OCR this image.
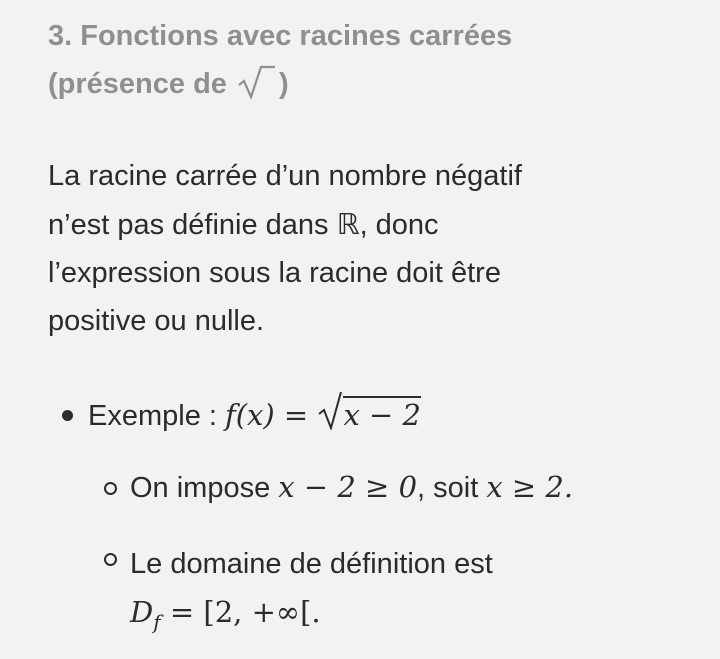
3. Fonctions avec racines carrées
(présence de )
La racine carrée d’un nombre négatif
n’est pas définie dans ℝ, donc
l’expression sous la racine doit être
positive ou nulle.
Exemple : f(x) =
x − 2
On impose x − 2 ≥ 0, soit x ≥ 2.
Le domaine de définition est
$D_f = [2$, +∞[.
